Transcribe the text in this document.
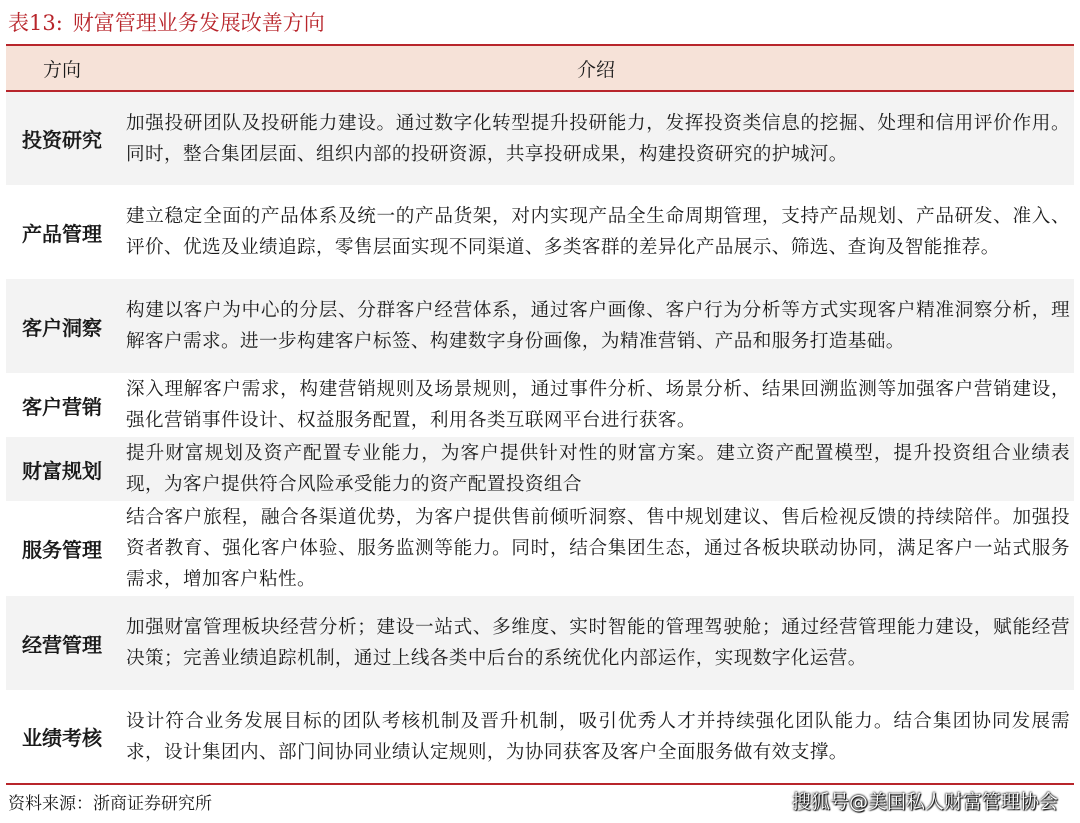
表13: 财富管理业务发展改善方向
方向	介绍
投资研究	加强投研团队及投研能力建设。通过数字化转型提升投研能力，发挥投资类信息的挖掘、处理和信用评价作用。同时，整合集团层面、组织内部的投研资源，共享投研成果，构建投资研究的护城河。
产品管理	建立稳定全面的产品体系及统一的产品货架，对内实现产品全生命周期管理，支持产品规划、产品研发、准入、评价、优选及业绩追踪，零售层面实现不同渠道、多类客群的差异化产品展示、筛选、查询及智能推荐。
客户洞察	构建以客户为中心的分层、分群客户经营体系，通过客户画像、客户行为分析等方式实现客户精准洞察分析，理解客户需求。进一步构建客户标签、构建数字身份画像，为精准营销、产品和服务打造基础。
客户营销	深入理解客户需求，构建营销规则及场景规则，通过事件分析、场景分析、结果回溯监测等加强客户营销建设，强化营销事件设计、权益服务配置，利用各类互联网平台进行获客。
财富规划	提升财富规划及资产配置专业能力，为客户提供针对性的财富方案。建立资产配置模型，提升投资组合业绩表现，为客户提供符合风险承受能力的资产配置投资组合
服务管理	结合客户旅程，融合各渠道优势，为客户提供售前倾听洞察、售中规划建议、售后检视反馈的持续陪伴。加强投资者教育、强化客户体验、服务监测等能力。同时，结合集团生态，通过各板块联动协同，满足客户一站式服务需求，增加客户粘性。
经营管理	加强财富管理板块经营分析；建设一站式、多维度、实时智能的管理驾驶舱；通过经营管理能力建设，赋能经营决策；完善业绩追踪机制，通过上线各类中后台的系统优化内部运作，实现数字化运营。
业绩考核	设计符合业务发展目标的团队考核机制及晋升机制，吸引优秀人才并持续强化团队能力。结合集团协同发展需求，设计集团内、部门间协同业绩认定规则，为协同获客及客户全面服务做有效支撑。
资料来源：浙商证券研究所	搜狐号@美国私人财富管理协会
